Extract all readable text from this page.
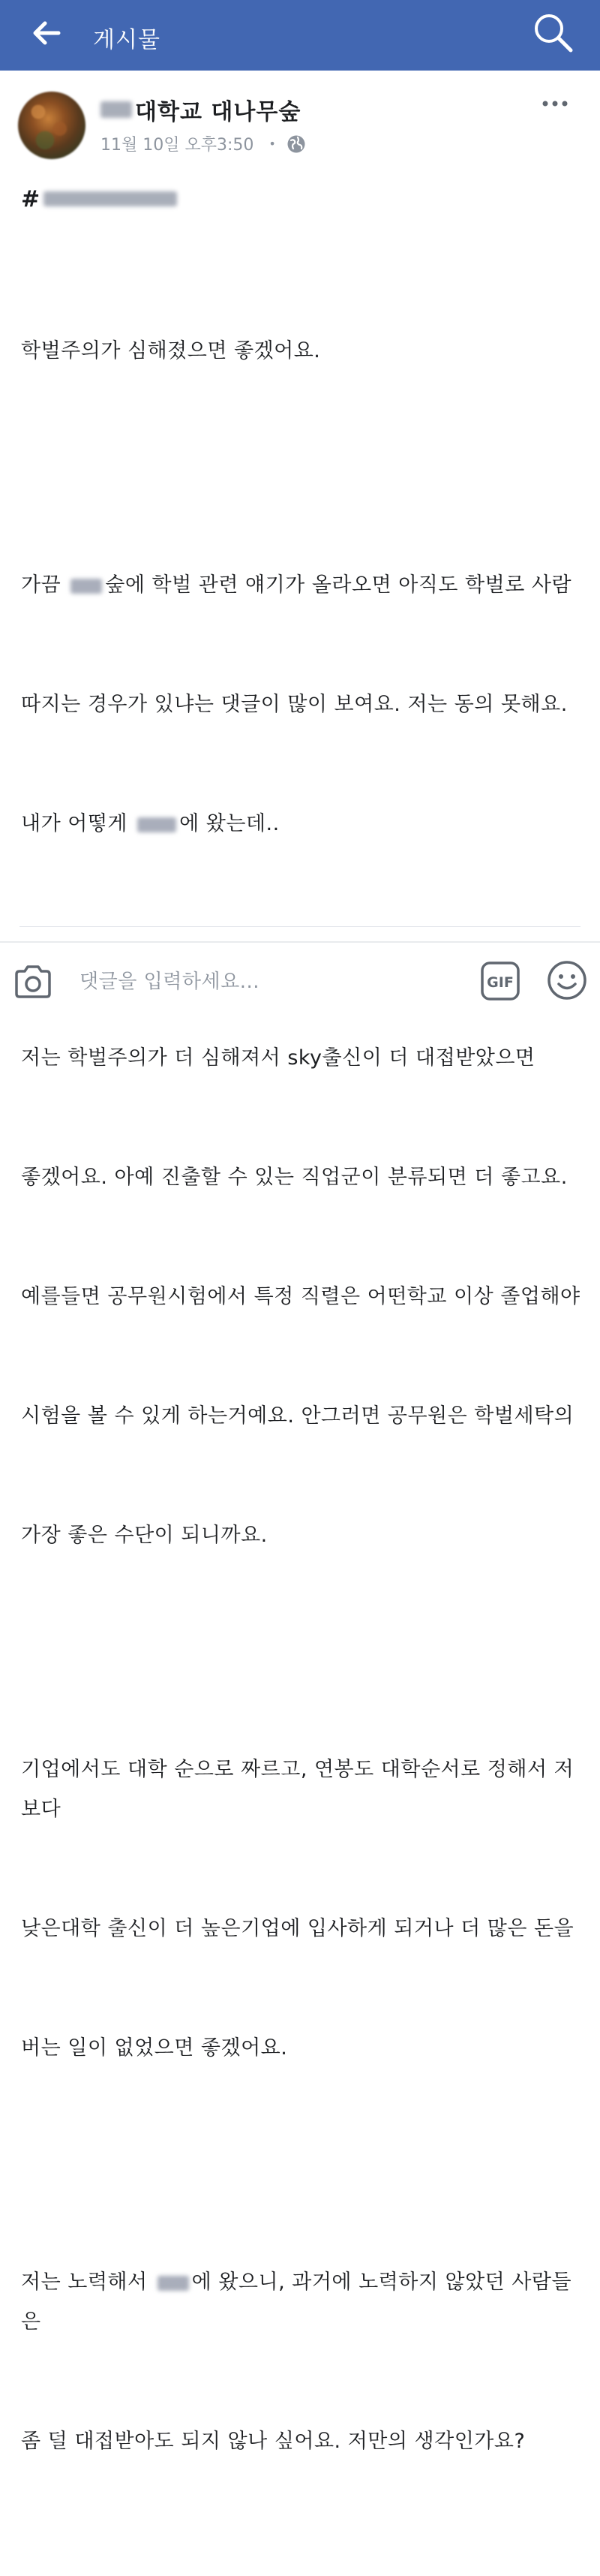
게시물
대학교 대나무숲
11월 10일 오후3:50 •
#

학벌주의가 심해졌으면 좋겠어요.

가끔 숲에 학벌 관련 얘기가 올라오면 아직도 학벌로 사람

따지는 경우가 있냐는 댓글이 많이 보여요. 저는 동의 못해요.

내가 어떻게 에 왔는데..

저는 학벌주의가 더 심해져서 sky출신이 더 대접받았으면

좋겠어요. 아예 진출할 수 있는 직업군이 분류되면 더 좋고요.

예를들면 공무원시험에서 특정 직렬은 어떤학교 이상 졸업해야

시험을 볼 수 있게 하는거예요. 안그러면 공무원은 학벌세탁의

가장 좋은 수단이 되니까요.

기업에서도 대학 순으로 짜르고, 연봉도 대학순서로 정해서 저보다

낮은대학 출신이 더 높은기업에 입사하게 되거나 더 많은 돈을

버는 일이 없었으면 좋겠어요.

저는 노력해서 에 왔으니, 과거에 노력하지 않았던 사람들은

좀 덜 대접받아도 되지 않나 싶어요. 저만의 생각인가요?

댓글을 입력하세요...
GIF
